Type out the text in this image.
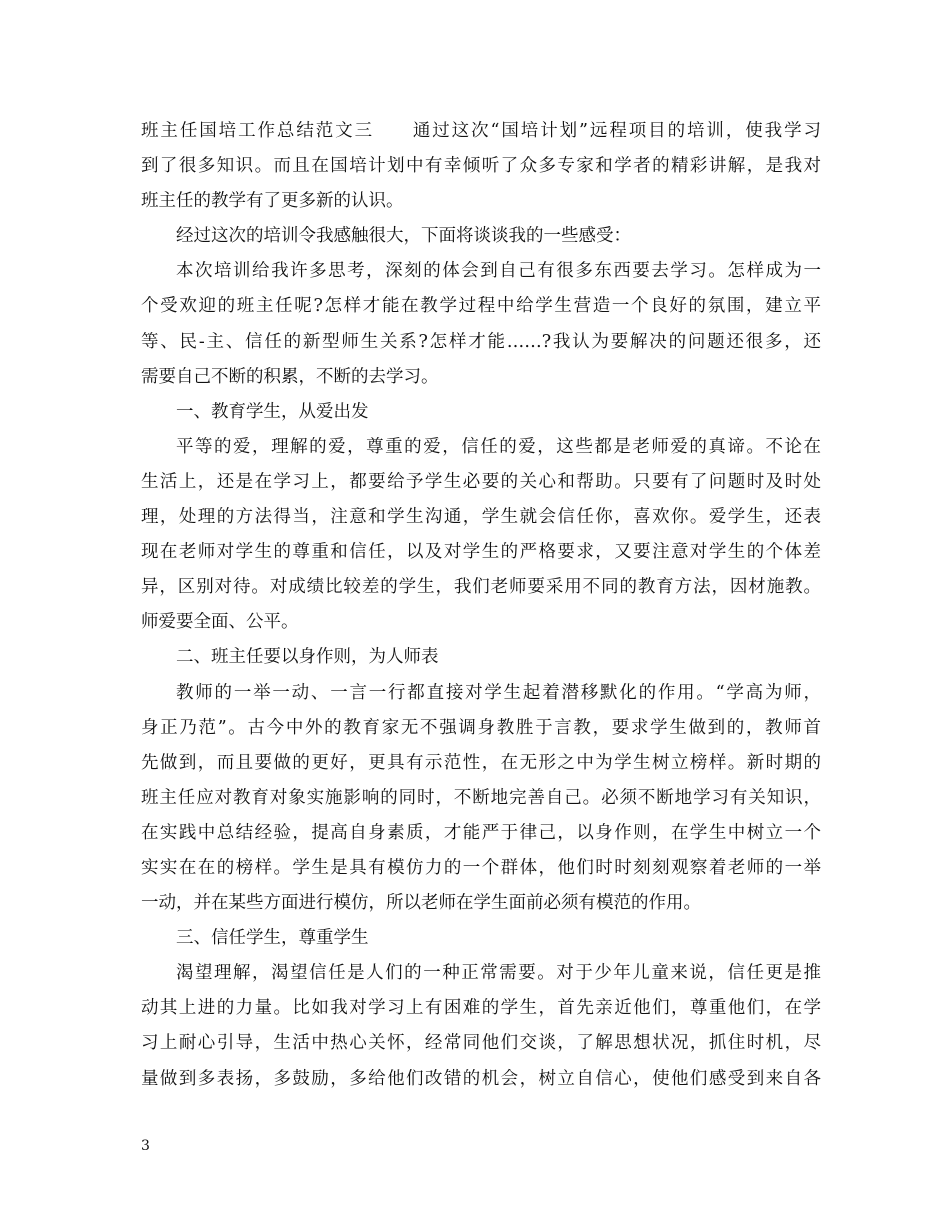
班主任国培工作总结范文三　　通过这次“国培计划”远程项目的培训，使我学习
到了很多知识。而且在国培计划中有幸倾听了众多专家和学者的精彩讲解，是我对
班主任的教学有了更多新的认识。
经过这次的培训令我感触很大，下面将谈谈我的一些感受：
本次培训给我许多思考，深刻的体会到自己有很多东西要去学习。怎样成为一
个受欢迎的班主任呢?怎样才能在教学过程中给学生营造一个良好的氛围，建立平
等、民-主、信任的新型师生关系?怎样才能……?我认为要解决的问题还很多，还
需要自己不断的积累，不断的去学习。
一、教育学生，从爱出发
平等的爱，理解的爱，尊重的爱，信任的爱，这些都是老师爱的真谛。不论在
生活上，还是在学习上，都要给予学生必要的关心和帮助。只要有了问题时及时处
理，处理的方法得当，注意和学生沟通，学生就会信任你，喜欢你。爱学生，还表
现在老师对学生的尊重和信任，以及对学生的严格要求，又要注意对学生的个体差
异，区别对待。对成绩比较差的学生，我们老师要采用不同的教育方法，因材施教。
师爱要全面、公平。
二、班主任要以身作则，为人师表
教师的一举一动、一言一行都直接对学生起着潜移默化的作用。“学高为师，
身正乃范”。古今中外的教育家无不强调身教胜于言教，要求学生做到的，教师首
先做到，而且要做的更好，更具有示范性，在无形之中为学生树立榜样。新时期的
班主任应对教育对象实施影响的同时，不断地完善自己。必须不断地学习有关知识，
在实践中总结经验，提高自身素质，才能严于律己，以身作则，在学生中树立一个
实实在在的榜样。学生是具有模仿力的一个群体，他们时时刻刻观察着老师的一举
一动，并在某些方面进行模仿，所以老师在学生面前必须有模范的作用。
三、信任学生，尊重学生
渴望理解，渴望信任是人们的一种正常需要。对于少年儿童来说，信任更是推
动其上进的力量。比如我对学习上有困难的学生，首先亲近他们，尊重他们，在学
习上耐心引导，生活中热心关怀，经常同他们交谈，了解思想状况，抓住时机，尽
量做到多表扬，多鼓励，多给他们改错的机会，树立自信心，使他们感受到来自各
3
